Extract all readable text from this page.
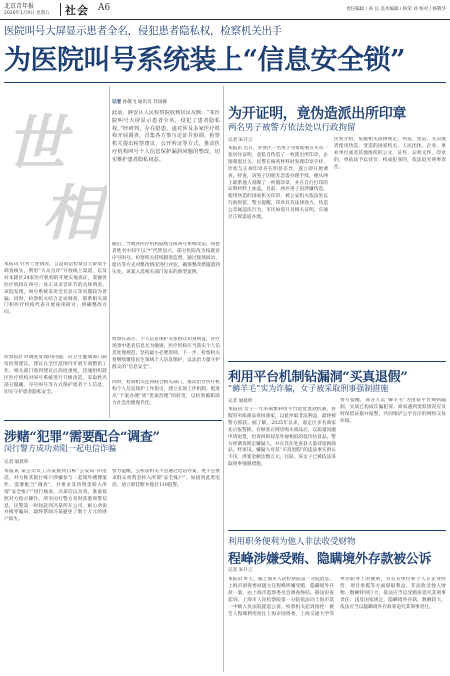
北京青年报
2026年1月9日 星期五 社会 A6	责任编辑 / 孙 岳 美术编辑 / 杨荣 刘 校对 / 杨敬华
医院叫号大屏显示患者全名，侵犯患者隐私权，检察机关出手
为医院叫号系统装上“信息安全锁”
世
相
记者 孙敬飞 通讯员 苏国樑
此前，静安区人民检察院收到居民反映：“某医院叫号大屏显示患者全名，侵犯了患者隐私权。”经研判，存在隐患，遂对涉及多家医疗机构开展调查，召集各方参与论证并协调、检察机关提出检察建议，公开听证等方式，推动医疗机构叫号个人信息保护漏洞问题的整改，切实维护患者隐私权益。
本报讯 针对上述情况，公益诉讼检察官立即着手调查核实，利用“大众点评”开放线上渠道，以及对本辖区24家医疗机构的开展实地查证，掌握各医疗机构在叫号、显示及录音环节的具体情况。该院发现，叫号系统采用全名显示等问题较为普遍。同时，检察机关结合走访调查，联系相关部门和医疗机构代表开展座谈研讨，明确整改方向。
检察院针对调查发现的问题，向卫生健康部门制发检察建议，建议在全区范围内开展专项整治工作。相关部门收到建议后高度重视，迅速组织辖区医疗机构对叫号系统进行升级改造，采取姓名部分隐藏、序号叫号等方式保护患者个人信息，切实守护患者隐私安全。
随后，当地各医疗机构陆续完成叫号系统改造，将患者姓名中间字以“*”代替显示，部分医院改为按就诊序号叫号。检察机关持续跟进监督，通过现场回访、暗访等方式对整改情况进行评估，确保整改措施落到实处。该案入选相关部门发布的典型案例。
检察官表示，个人信息保护关系群众切身利益，医疗场景中患者信息尤为敏感，医疗机构应当落实个人信息处理规范，坚持最小必要原则。下一步，检察机关将继续聚焦民生领域个人信息保护，以法治力量守护群众的“信息安全”。
同时，检察机关还将联合相关部门，推动出台医疗机构个人信息保护工作指引，建立长效工作机制，促进从“个案办理”到“类案治理”的转变，以检察履职助力社会治理现代化。
为开证明，竟伪造派出所印章
两名男子被警方依法处以行政拘留
记者 朱开云
本报讯 近日，奉贤区一名男子为帮助朋友开具一张居住证明，竟私自伪造了一枚派出所印章，企图蒙混过关。民警在核查材料时发现印章字样、形状与正规印章存在明显差异，遂立即开展调查。经查，该男子因朋友急需办理手续，便从网上联系他人刻制了一枚假印章，并在自行打印的证明材料上加盖。目前，两名男子因涉嫌伪造、使用伪造的国家机关印章，被公安机关依法处以行政拘留。警方提醒，印章具有法律效力，伪造公章属违法行为，市民如需开具相关证明，应通过正规渠道办理。
民警介绍，依据相关法律规定，伪造、变造、买卖或者使用伪造、变造的国家机关、人民团体、企业、事业单位或者其他组织的公文、证件、证明文件、印章的，将依法予以处罚；构成犯罪的，依法追究刑事责任。
利用平台机制钻漏洞“买真退假”
“薅羊毛”实为诈骗，女子被采取刑事强制措施
记者 屠晨昕
本报讯 女子一年来频繁利用平台退货退款机制，将假冒劣质商品寄回商家，以此牟取非法利益，最终被警方抓获。据了解，2025年以来，嘉定区多名商家先后报警称，有顾客在网店购买商品后，以质量问题申请退货，但寄回的却是外观相似的低价仿冒品。警方经调查锁定嫌疑人，并在其住处查获大量待退换商品。经审讯，嫌疑人对其“买真退假”的违法事实供认不讳，涉案金额达数万元。目前，该女子已被依法采取刑事强制措施。
警方提醒，部分人以“薅羊毛”为由钻平台规则漏洞，实质已构成诈骗犯罪。商家遇到类似情况应及时保留证据并报警，共同维护公平有序的网络交易环境。
涉赌“犯罪”需要配合“调查”
闵行警方成功劝阻一起电信诈骗
记者 屠晨昕
本报讯 某公司员工冯某接到自称“公安局”的电话，对方称其银行账户涉嫌参与一起境外赌博案件，需要配合“调查”，并要求其将资金转入所谓“安全账户”进行核查。冯某信以为真，准备按照对方指示操作。所幸闵行警方及时获悉预警信息，民警第一时间赶到冯某所在公司，耐心劝说并揭穿骗局，最终帮助冯某避免了数十万元的财产损失。
警方提醒，公检法机关不会通过电话办案，更不会要求群众将资金转入所谓“安全账户”。如接到此类电话，请立即挂断并拨打110报警。
利用职务便利为他人非法收受财物
程峰涉嫌受贿、隐瞒境外存款被公诉
记者 朱开云
本报讯 昨天，据上海市人民检察院第一分院消息，上海市国资委原副主任程峰涉嫌受贿、隐瞒境外存款一案，由上海市监察委员会调查终结，移送审查起诉。上海市人民检察院第一分院依法向上海市第一中级人民法院提起公诉。检察机关起诉指控：被告人程峰利用担任上海市国资委、上海交通大学等单位职务上的便利，为有关单位和个人在企业经营、项目承揽等方面谋取利益，非法收受他人财物，数额特别巨大，依法应当以受贿罪追究其刑事责任；违反国家规定，隐瞒境外存款，数额较大，依法应当以隐瞒境外存款罪追究其刑事责任。
